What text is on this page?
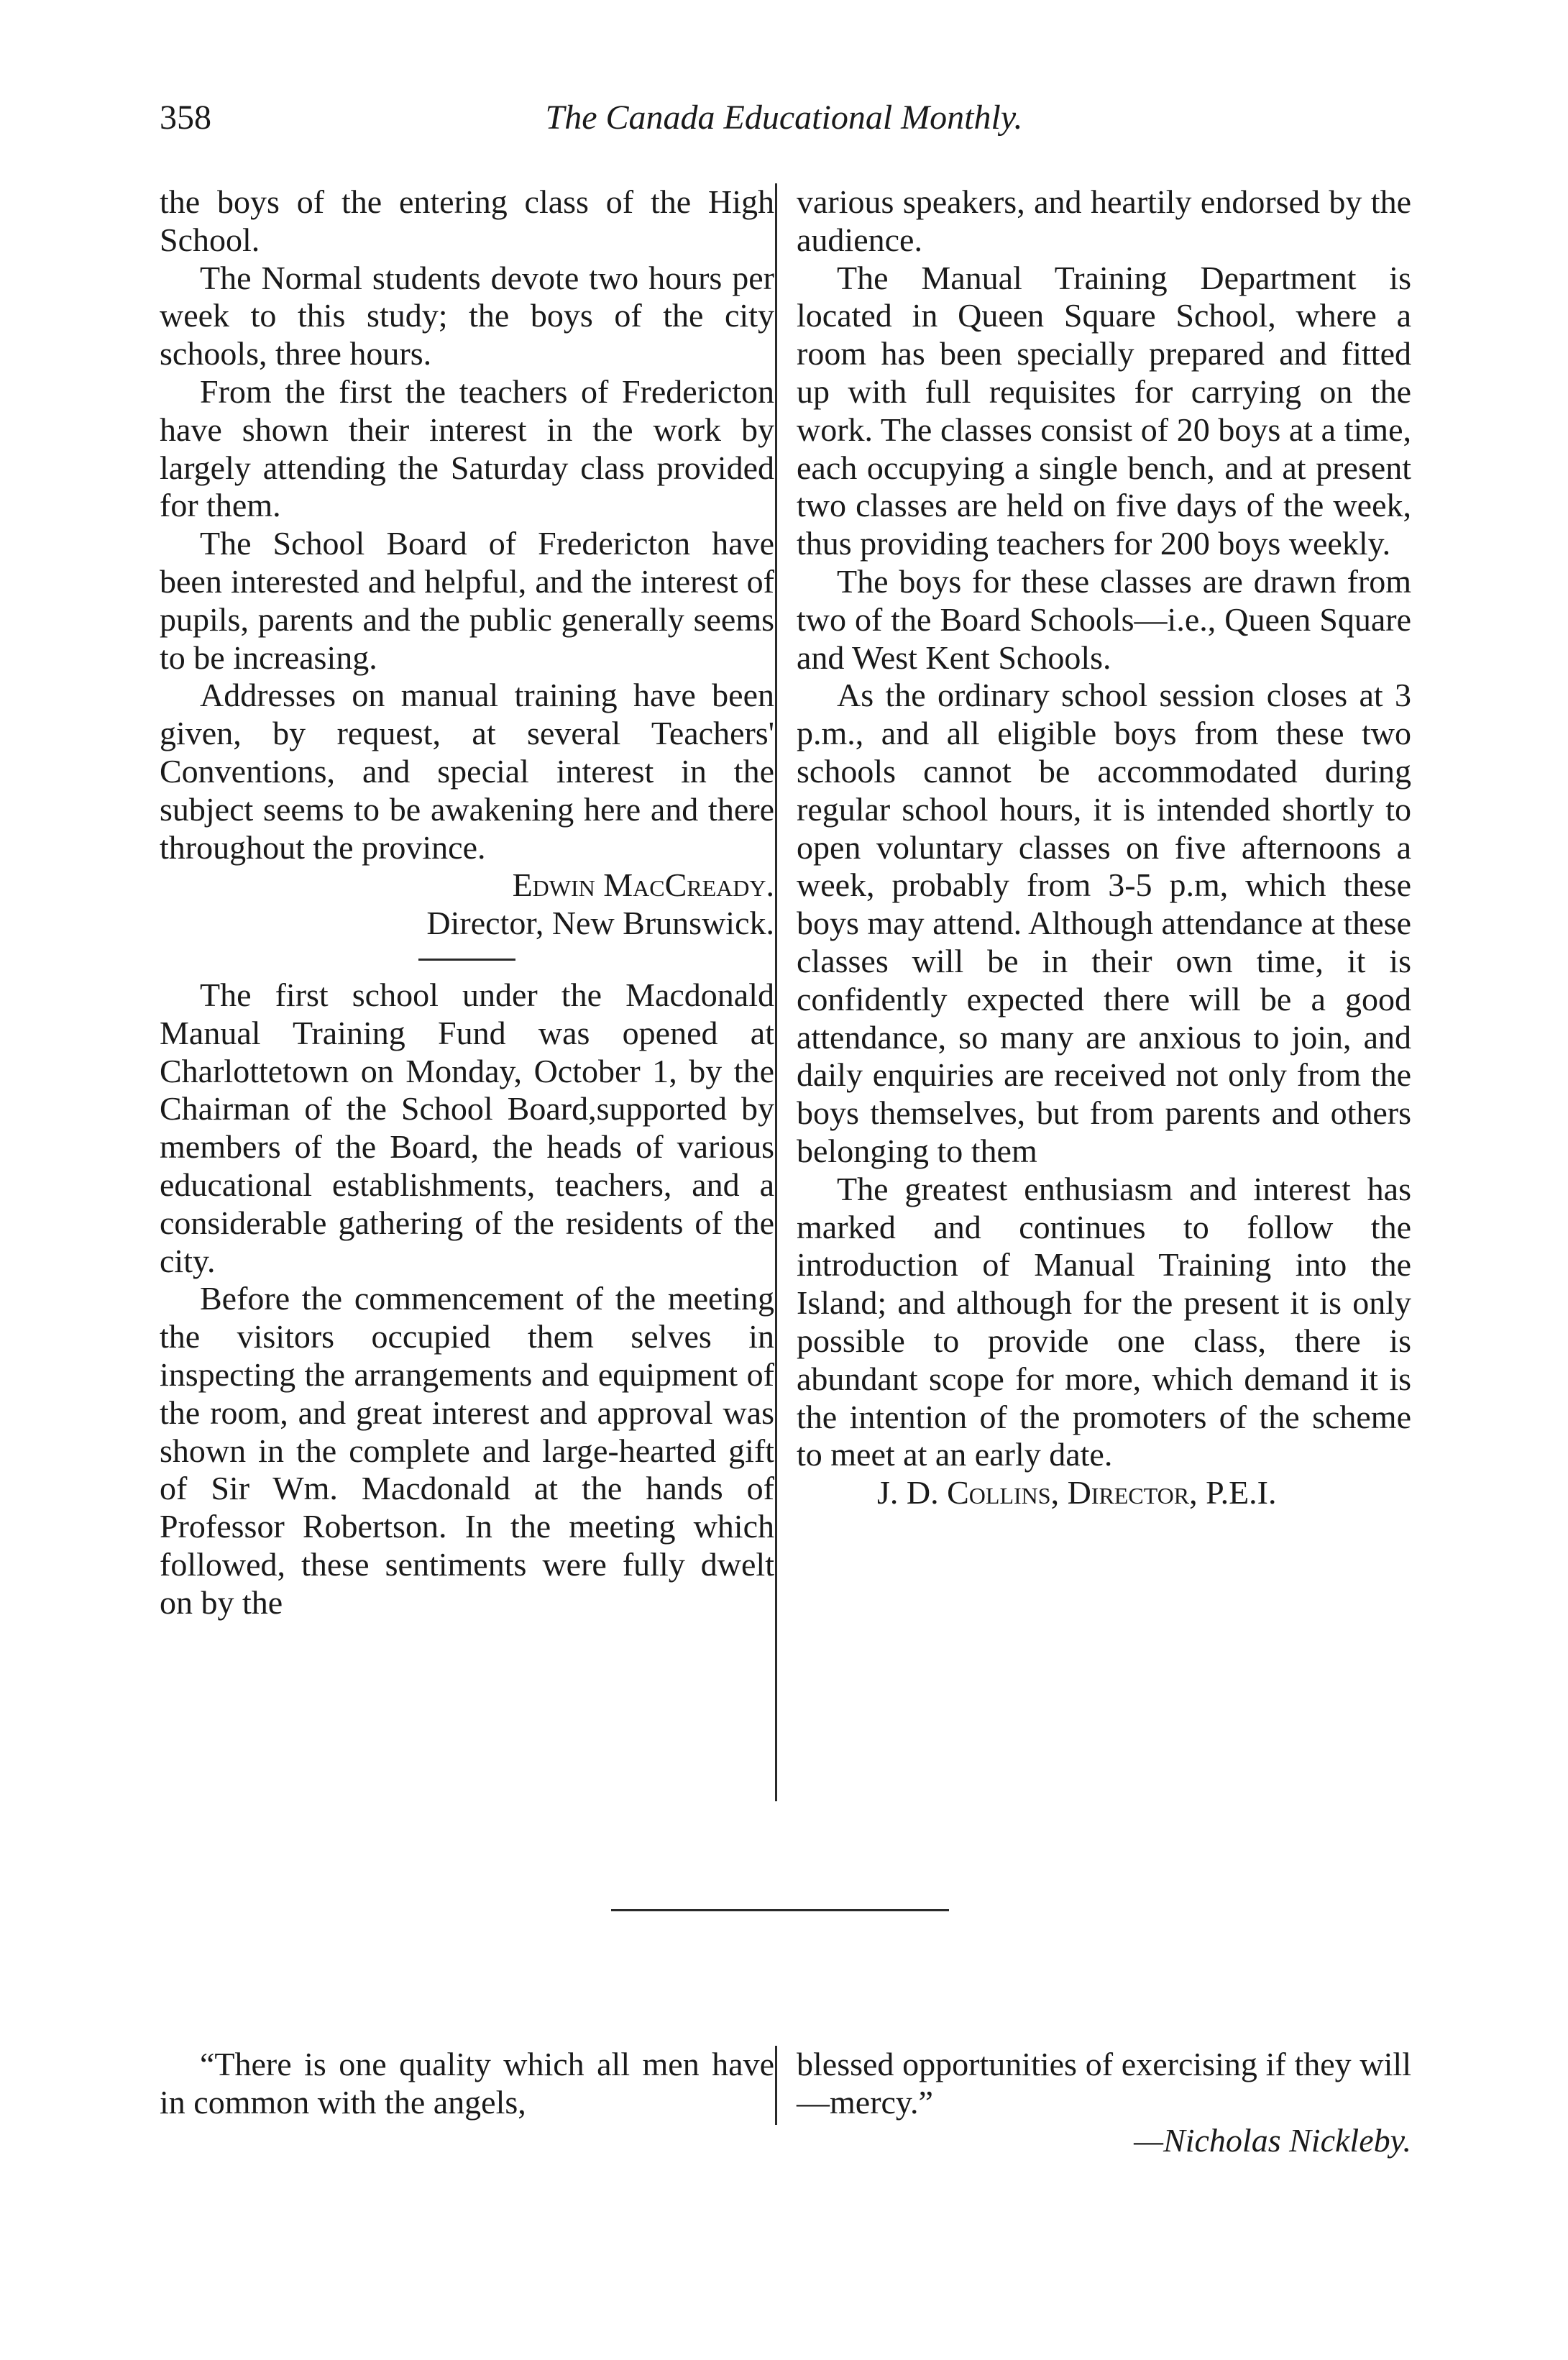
358	The Canada Educational Monthly.

the boys of the entering class of the High School.

The Normal students devote two hours per week to this study; the boys of the city schools, three hours.

From the first the teachers of Fredericton have shown their interest in the work by largely attending the Saturday class provided for them.

The School Board of Fredericton have been interested and helpful, and the interest of pupils, parents and the public generally seems to be increasing.

Addresses on manual training have been given, by request, at several Teachers' Conventions, and special interest in the subject seems to be awakening here and there throughout the province.

Edwin MacCready.

Director, New Brunswick.

The first school under the Macdonald Manual Training Fund was opened at Charlottetown on Monday, October 1, by the Chairman of the School Board,supported by members of the Board, the heads of various educational establishments, teachers, and a considerable gathering of the residents of the city.

Before the commencement of the meeting the visitors occupied them selves in inspecting the arrangements and equipment of the room, and great interest and approval was shown in the complete and large-hearted gift of Sir Wm. Macdonald at the hands of Professor Robertson. In the meeting which followed, these sentiments were fully dwelt on by the

various speakers, and heartily endorsed by the audience.

The Manual Training Department is located in Queen Square School, where a room has been specially prepared and fitted up with full requisites for carrying on the work. The classes consist of 20 boys at a time, each occupying a single bench, and at present two classes are held on five days of the week, thus providing teachers for 200 boys weekly.

The boys for these classes are drawn from two of the Board Schools—i.e., Queen Square and West Kent Schools.

As the ordinary school session closes at 3 p.m., and all eligible boys from these two schools cannot be accommodated during regular school hours, it is intended shortly to open voluntary classes on five afternoons a week, probably from 3-5 p.m, which these boys may attend. Although attendance at these classes will be in their own time, it is confidently expected there will be a good attendance, so many are anxious to join, and daily enquiries are received not only from the boys themselves, but from parents and others belonging to them

The greatest enthusiasm and interest has marked and continues to follow the introduction of Manual Training into the Island; and although for the present it is only possible to provide one class, there is abundant scope for more, which demand it is the intention of the promoters of the scheme to meet at an early date.

J. D. Collins, Director, P.E.I.

“There is one quality which all men have in common with the angels,

blessed opportunities of exercising if they will—mercy.”

—Nicholas Nickleby.
